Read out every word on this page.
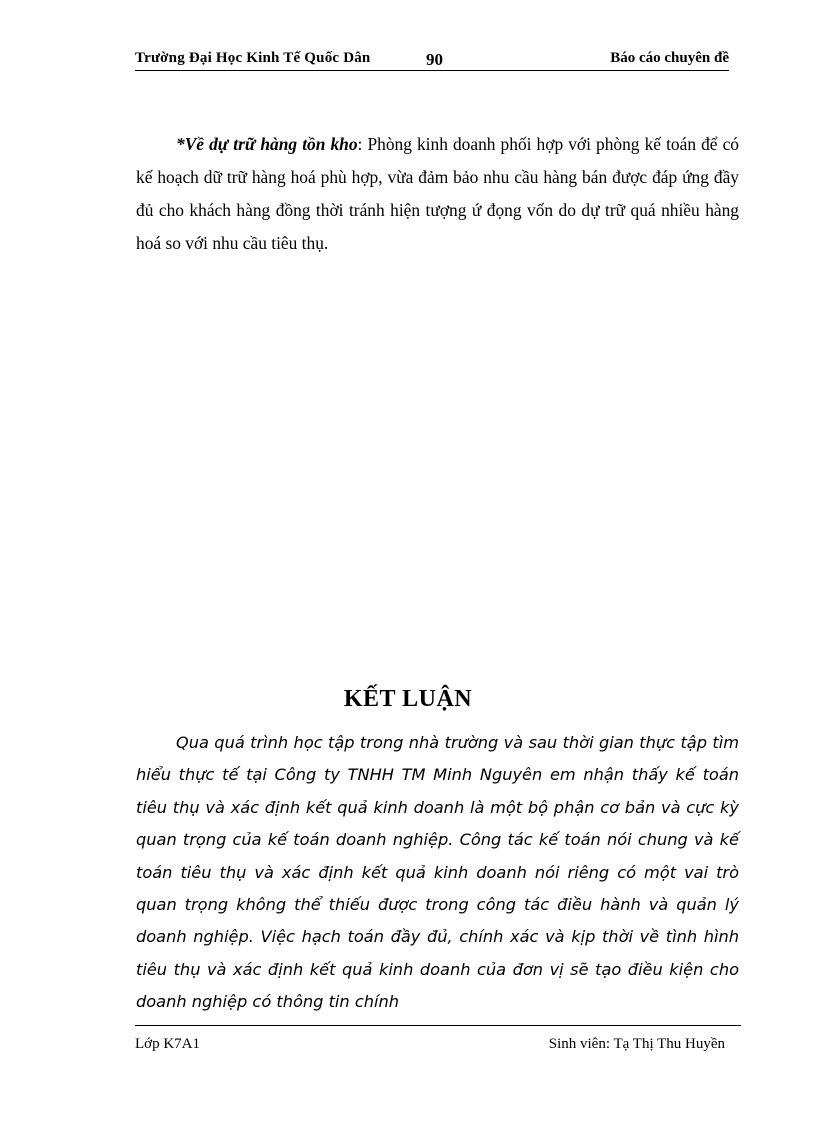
Trường Đại Học Kinh Tế Quốc Dân	90	Báo cáo chuyên đề

*Về dự trữ hàng tồn kho: Phòng kinh doanh phối hợp với phòng kế toán để có kế hoạch dữ trữ hàng hoá phù hợp, vừa đảm bảo nhu cầu hàng bán được đáp ứng đầy đủ cho khách hàng đồng thời tránh hiện tượng ứ đọng vốn do dự trữ quá nhiều hàng hoá so với nhu cầu tiêu thụ.

KẾT LUẬN

Qua quá trình học tập trong nhà trường và sau thời gian thực tập tìm hiểu thực tế tại Công ty TNHH TM Minh Nguyên em nhận thấy kế toán tiêu thụ và xác định kết quả kinh doanh là một bộ phận cơ bản và cực kỳ quan trọng của kế toán doanh nghiệp. Công tác kế toán nói chung và kế toán tiêu thụ và xác định kết quả kinh doanh nói riêng có một vai trò quan trọng không thể thiếu được trong công tác điều hành và quản lý doanh nghiệp. Việc hạch toán đầy đủ, chính xác và kịp thời về tình hình tiêu thụ và xác định kết quả kinh doanh của đơn vị sẽ tạo điều kiện cho doanh nghiệp có thông tin chính

Lớp K7A1	Sinh viên: Tạ Thị Thu Huyền
